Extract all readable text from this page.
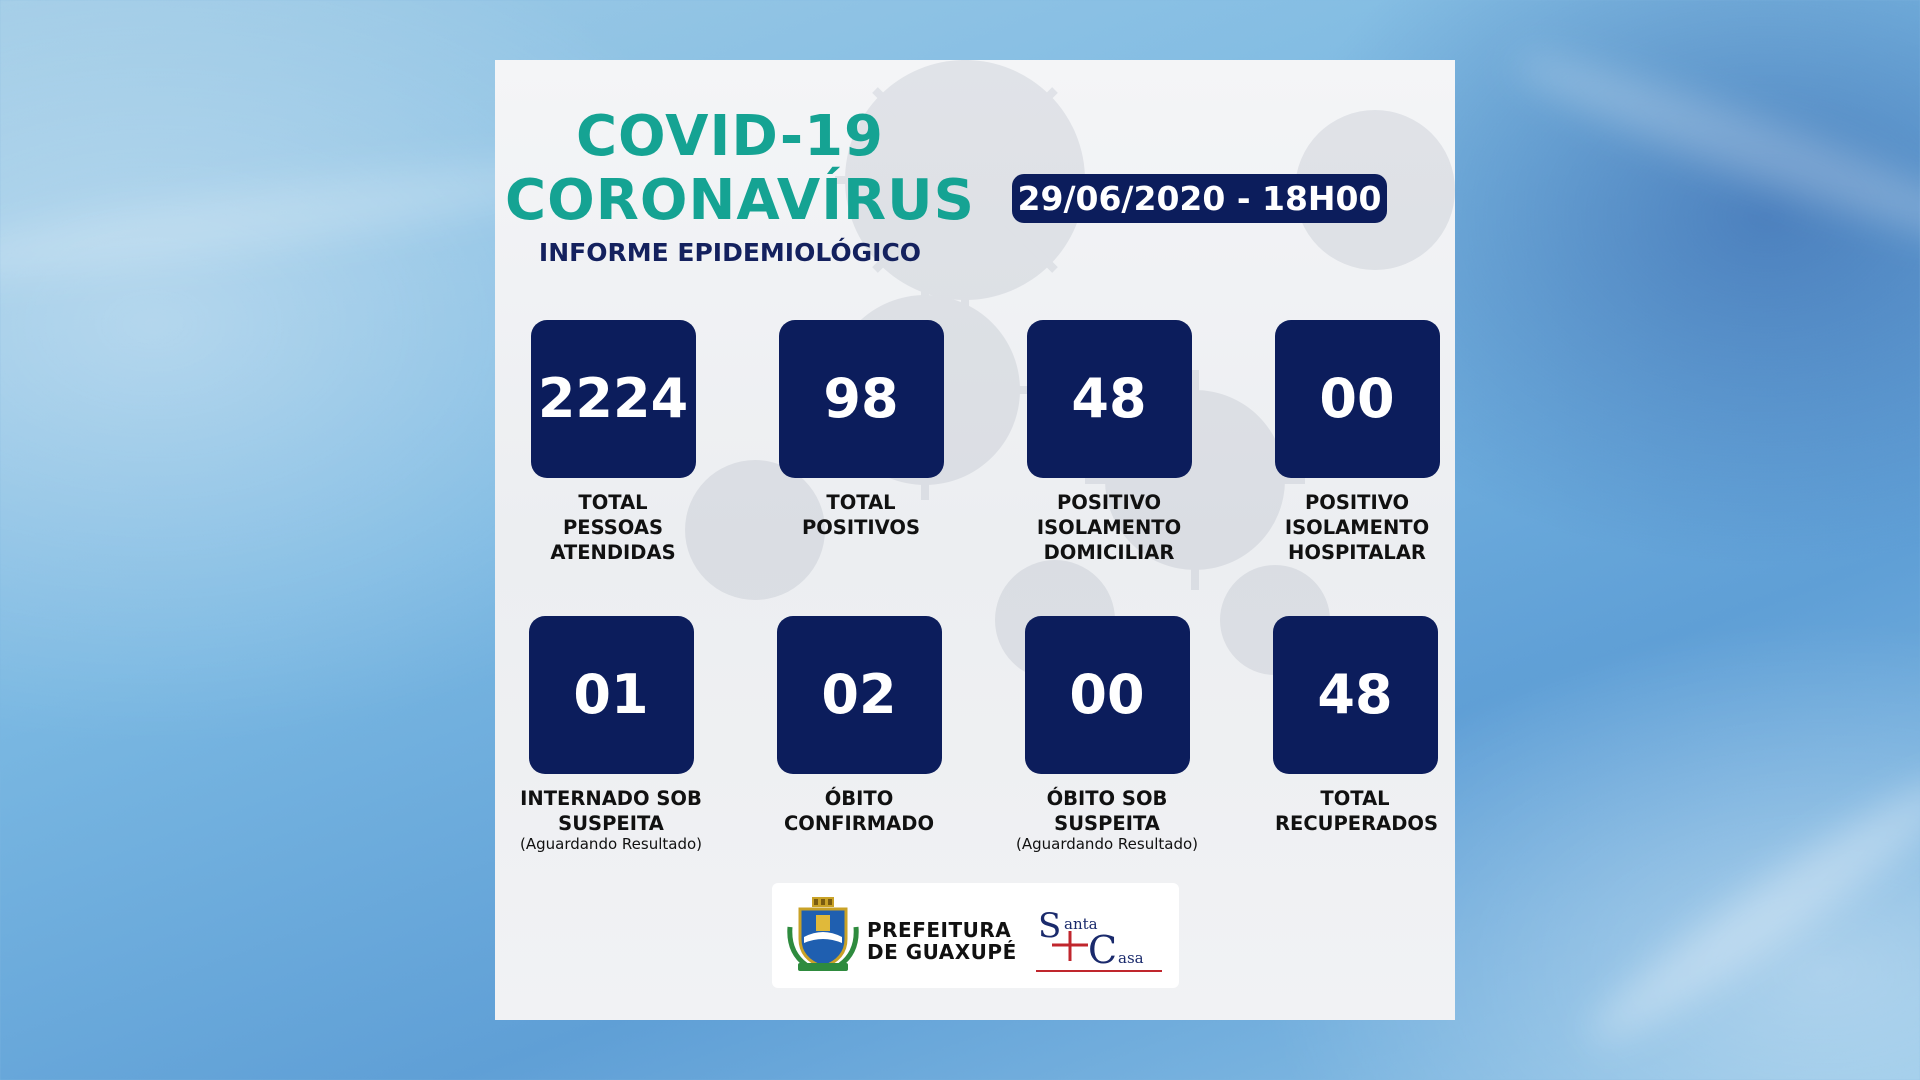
COVID-19
CORONAVÍRUS
INFORME EPIDEMIOLÓGICO
29/06/2020 - 18H00
2224
TOTAL PESSOAS ATENDIDAS
98
TOTAL POSITIVOS
48
POSITIVO ISOLAMENTO DOMICILIAR
00
POSITIVO ISOLAMENTO HOSPITALAR
01
INTERNADO SOB SUSPEITA
(Aguardando Resultado)
02
ÓBITO CONFIRMADO
00
ÓBITO SOB SUSPEITA
(Aguardando Resultado)
48
TOTAL RECUPERADOS
PREFEITURA
DE GUAXUPÉ
S anta
C asa
